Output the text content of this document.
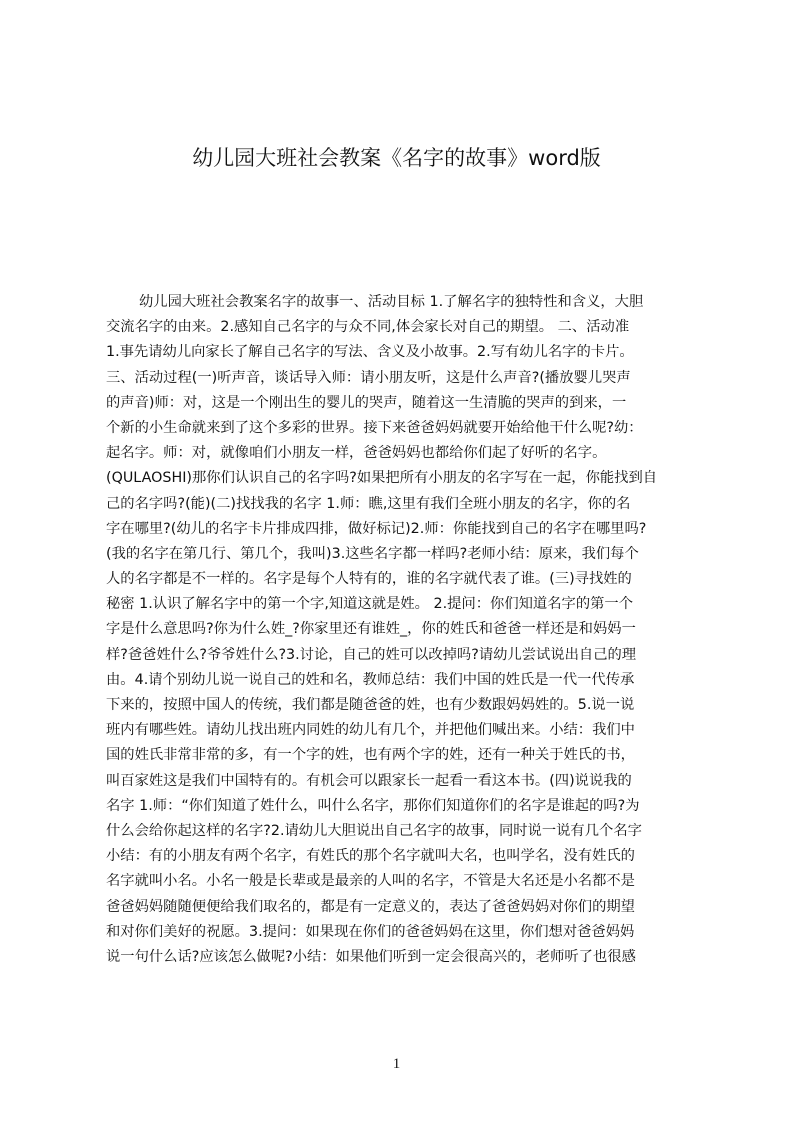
幼儿园大班社会教案《名字的故事》word版
幼儿园大班社会教案名字的故事一、活动目标 1.了解名字的独特性和含义，大胆
交流名字的由来。2.感知自己名字的与众不同,体会家长对自己的期望。 二、活动准
1.事先请幼儿向家长了解自己名字的写法、含义及小故事。2.写有幼儿名字的卡片。
三、活动过程(一)听声音，谈话导入师：请小朋友听，这是什么声音?(播放婴儿哭声
的声音)师：对，这是一个刚出生的婴儿的哭声，随着这一生清脆的哭声的到来，一
个新的小生命就来到了这个多彩的世界。接下来爸爸妈妈就要开始给他干什么呢?幼：
起名字。师：对，就像咱们小朋友一样，爸爸妈妈也都给你们起了好听的名字。
(QULAOSHI)那你们认识自己的名字吗?如果把所有小朋友的名字写在一起，你能找到自
己的名字吗?(能)(二)找找我的名字 1.师：瞧,这里有我们全班小朋友的名字，你的名
字在哪里?(幼儿的名字卡片排成四排，做好标记)2.师：你能找到自己的名字在哪里吗?
(我的名字在第几行、第几个，我叫)3.这些名字都一样吗?老师小结：原来，我们每个
人的名字都是不一样的。名字是每个人特有的，谁的名字就代表了谁。(三)寻找姓的
秘密 1.认识了解名字中的第一个字,知道这就是姓。 2.提问：你们知道名字的第一个
字是什么意思吗?你为什么姓_?你家里还有谁姓_，你的姓氏和爸爸一样还是和妈妈一
样?爸爸姓什么?爷爷姓什么?3.讨论，自己的姓可以改掉吗?请幼儿尝试说出自己的理
由。4.请个别幼儿说一说自己的姓和名，教师总结：我们中国的姓氏是一代一代传承
下来的，按照中国人的传统，我们都是随爸爸的姓，也有少数跟妈妈姓的。5.说一说
班内有哪些姓。请幼儿找出班内同姓的幼儿有几个，并把他们喊出来。小结：我们中
国的姓氏非常非常的多，有一个字的姓，也有两个字的姓，还有一种关于姓氏的书，
叫百家姓这是我们中国特有的。有机会可以跟家长一起看一看这本书。(四)说说我的
名字 1.师：“你们知道了姓什么，叫什么名字，那你们知道你们的名字是谁起的吗?为
什么会给你起这样的名字?2.请幼儿大胆说出自己名字的故事，同时说一说有几个名字
小结：有的小朋友有两个名字，有姓氏的那个名字就叫大名，也叫学名，没有姓氏的
名字就叫小名。小名一般是长辈或是最亲的人叫的名字，不管是大名还是小名都不是
爸爸妈妈随随便便给我们取名的，都是有一定意义的，表达了爸爸妈妈对你们的期望
和对你们美好的祝愿。3.提问：如果现在你们的爸爸妈妈在这里，你们想对爸爸妈妈
说一句什么话?应该怎么做呢?小结：如果他们听到一定会很高兴的，老师听了也很感
1
